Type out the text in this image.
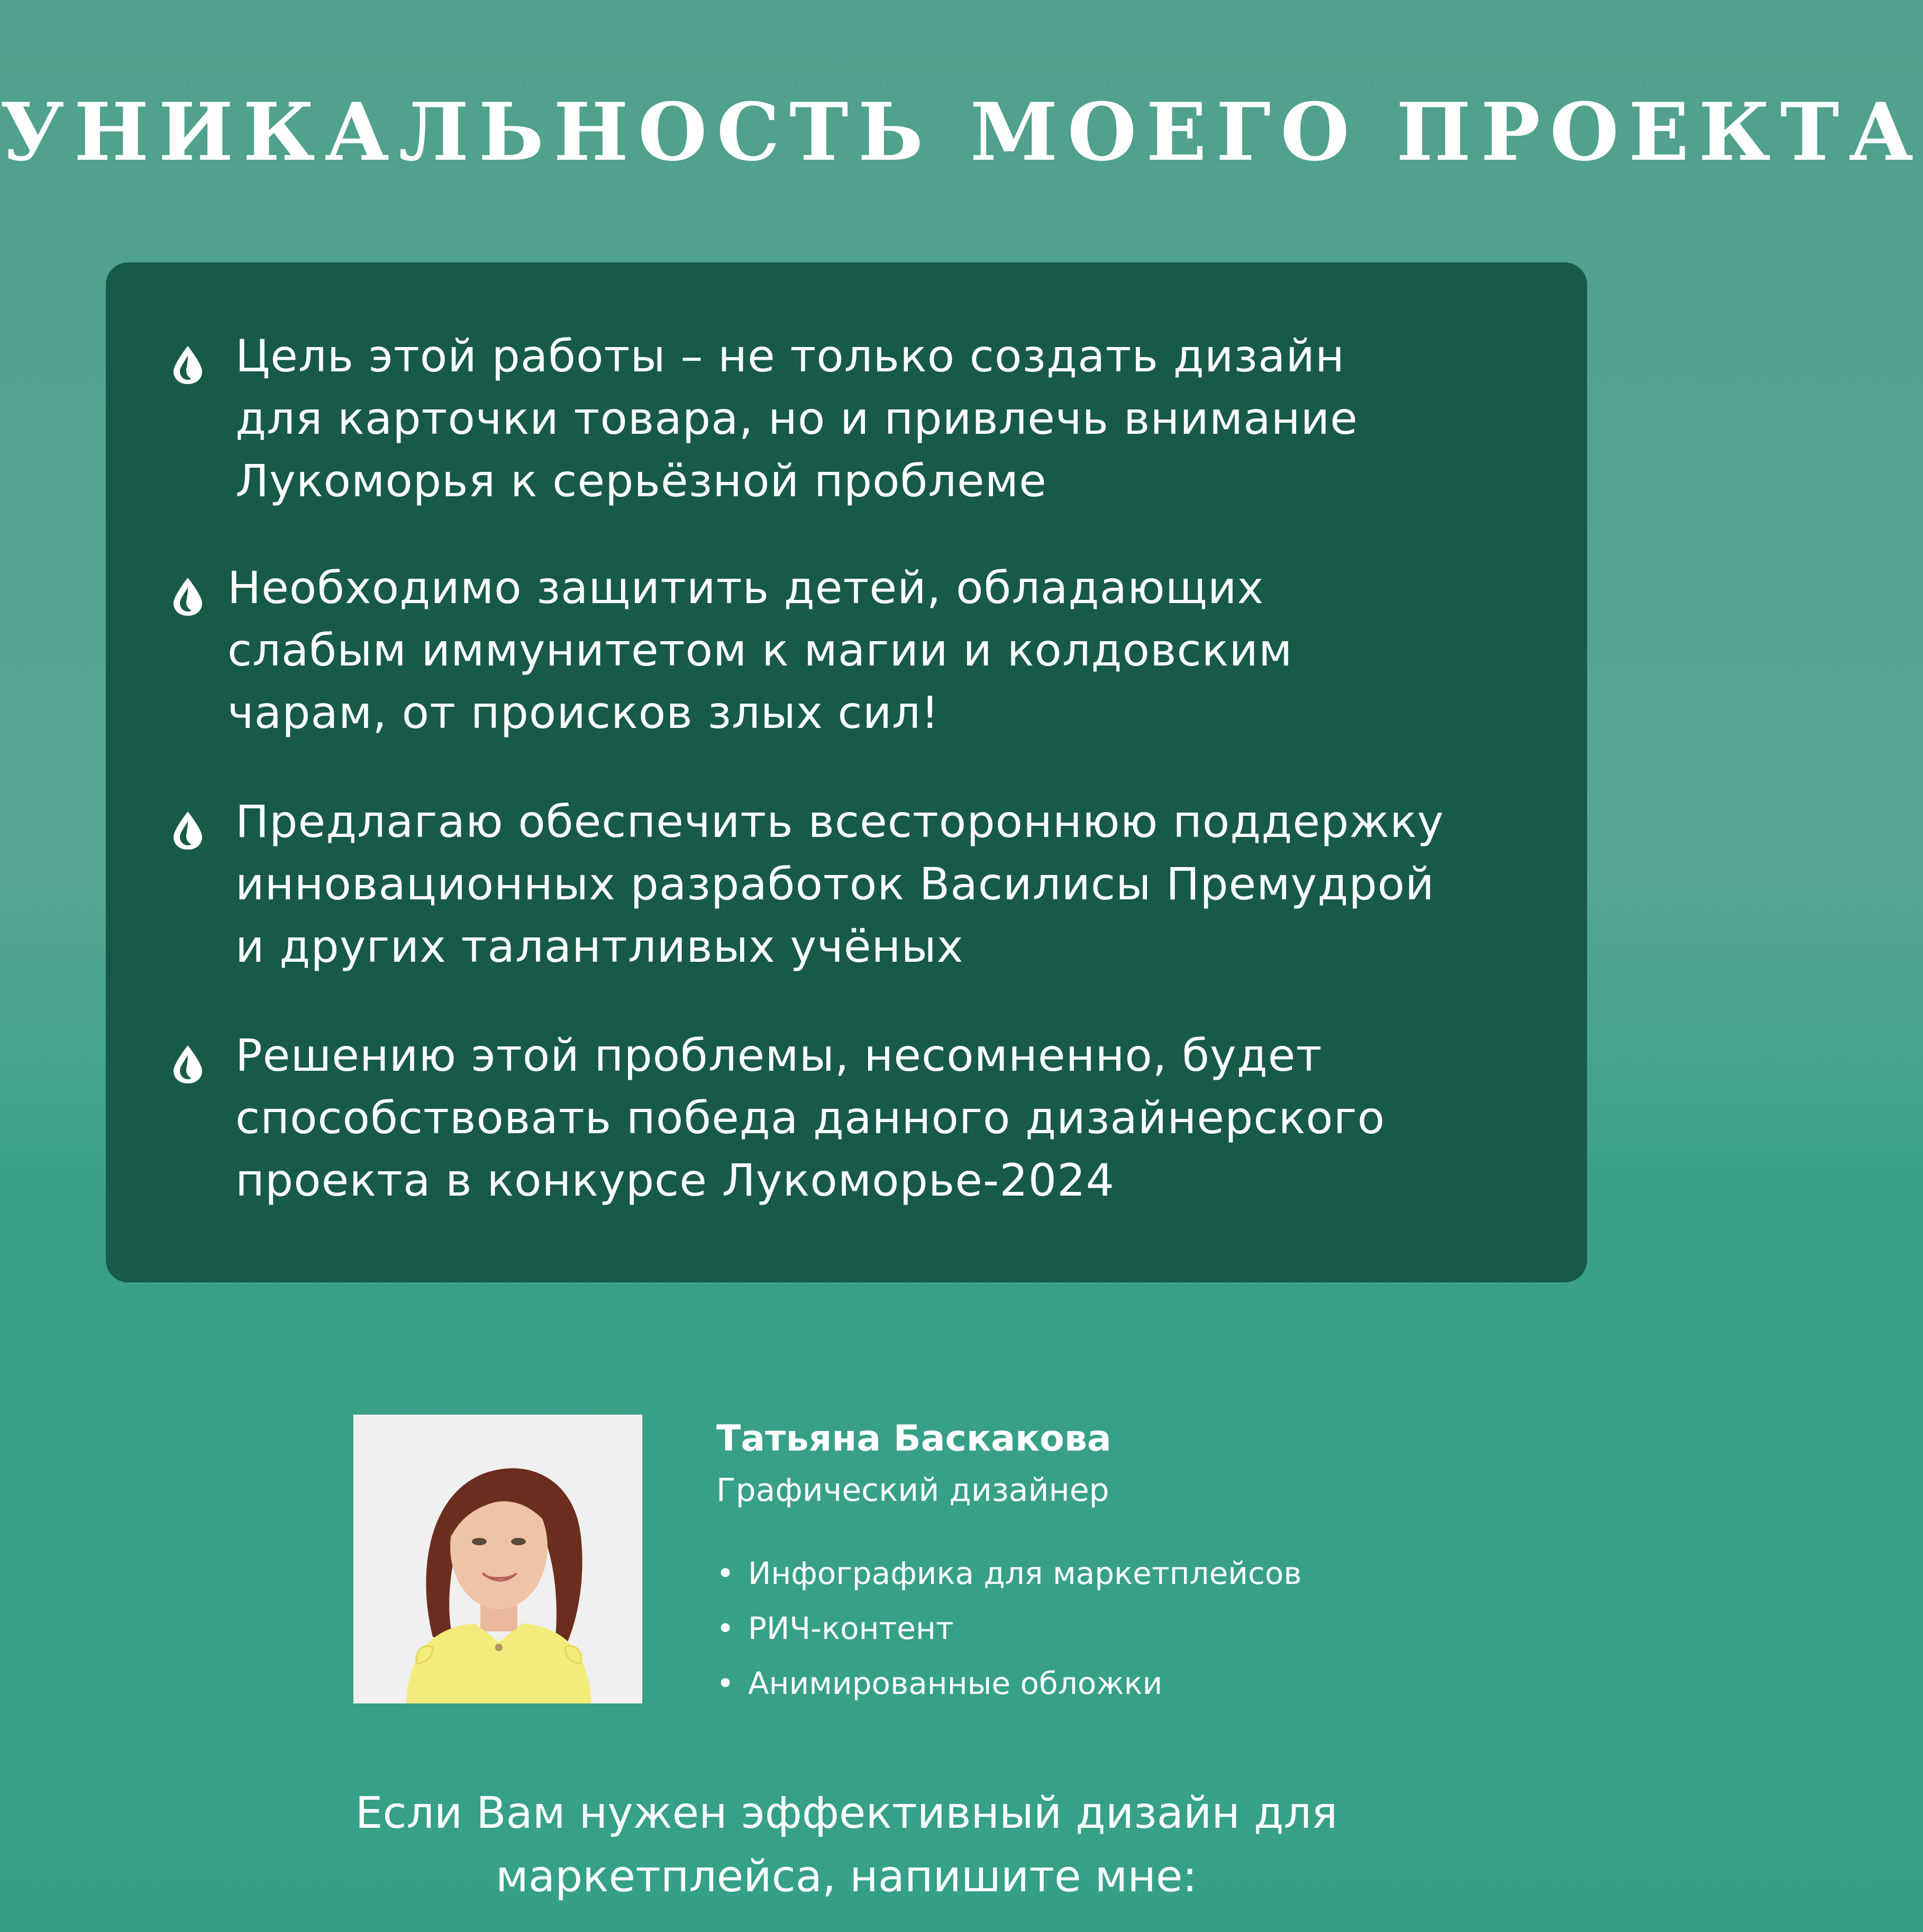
УНИКАЛЬНОСТЬ МОЕГО ПРОЕКТА

Цель этой работы – не только создать дизайн
для карточки товара, но и привлечь внимание
Лукоморья к серьёзной проблеме

Необходимо защитить детей, обладающих
слабым иммунитетом к магии и колдовским
чарам, от происков злых сил!

Предлагаю обеспечить всестороннюю поддержку
инновационных разработок Василисы Премудрой
и других талантливых учёных

Решению этой проблемы, несомненно, будет
способствовать победа данного дизайнерского
проекта в конкурсе Лукоморье-2024

Татьяна Баскакова

Графический дизайнер

• Инфографика для маркетплейсов
• РИЧ-контент
• Анимированные обложки
Если Вам нужен эффективный дизайн для
маркетплейса, напишите мне:
